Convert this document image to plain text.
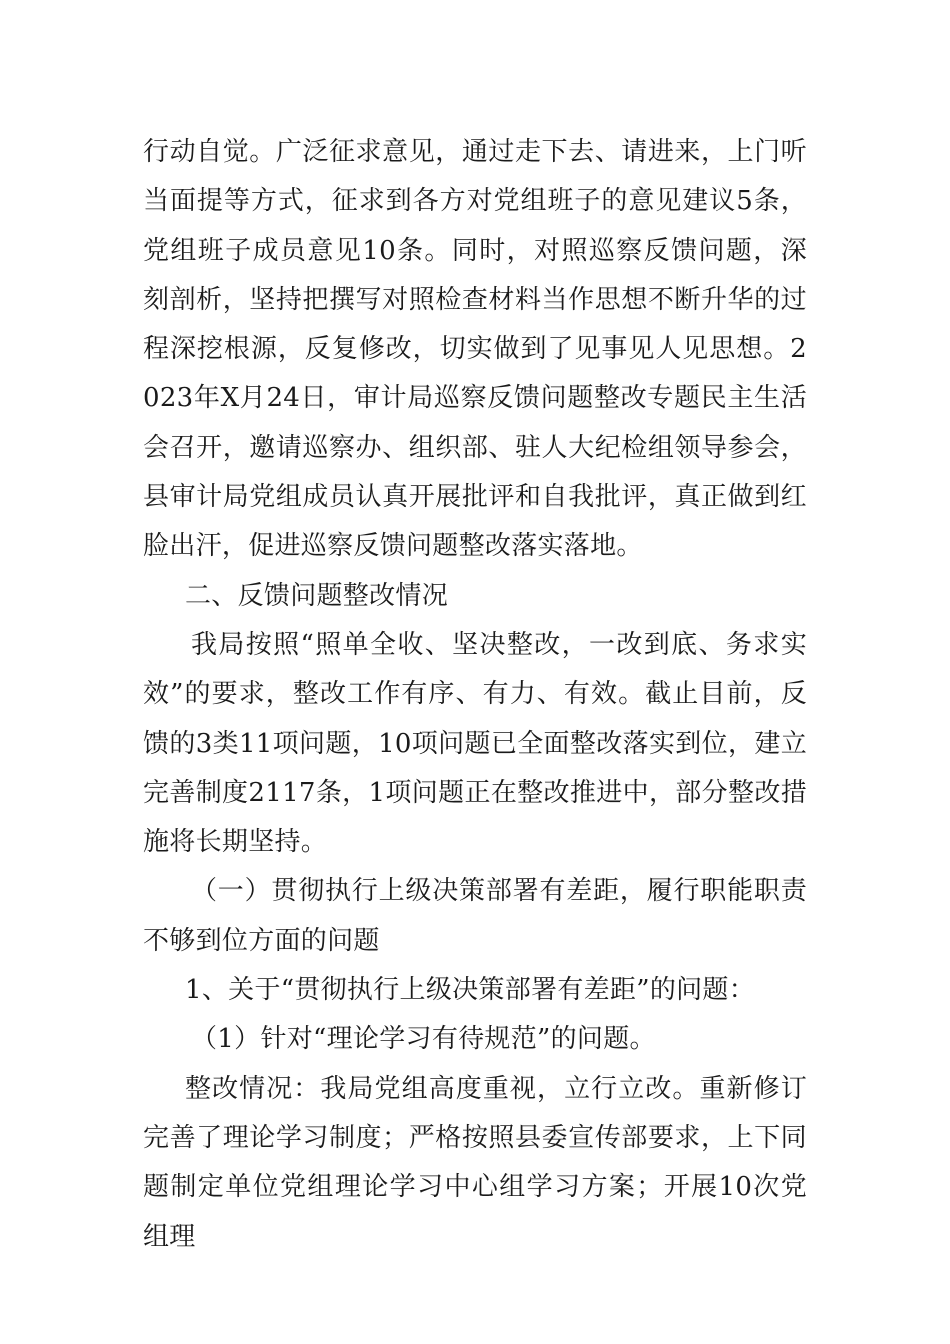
行动自觉。广泛征求意见，通过走下去、请进来，上门听当面提等方式，征求到各方对党组班子的意见建议5条，党组班子成员意见10条。同时，对照巡察反馈问题，深刻剖析，坚持把撰写对照检查材料当作思想不断升华的过程深挖根源，反复修改，切实做到了见事见人见思想。2023年X月24日，审计局巡察反馈问题整改专题民主生活会召开，邀请巡察办、组织部、驻人大纪检组领导参会，县审计局党组成员认真开展批评和自我批评，真正做到红脸出汗，促进巡察反馈问题整改落实落地。

二、反馈问题整改情况

我局按照“照单全收、坚决整改，一改到底、务求实效”的要求，整改工作有序、有力、有效。截止目前，反馈的3类11项问题，10项问题已全面整改落实到位，建立完善制度2117条，1项问题正在整改推进中，部分整改措施将长期坚持。

（一）贯彻执行上级决策部署有差距，履行职能职责不够到位方面的问题

1、关于“贯彻执行上级决策部署有差距”的问题：

（1）针对“理论学习有待规范”的问题。

整改情况：我局党组高度重视，立行立改。重新修订完善了理论学习制度；严格按照县委宣传部要求，上下同题制定单位党组理论学习中心组学习方案；开展10次党组理
